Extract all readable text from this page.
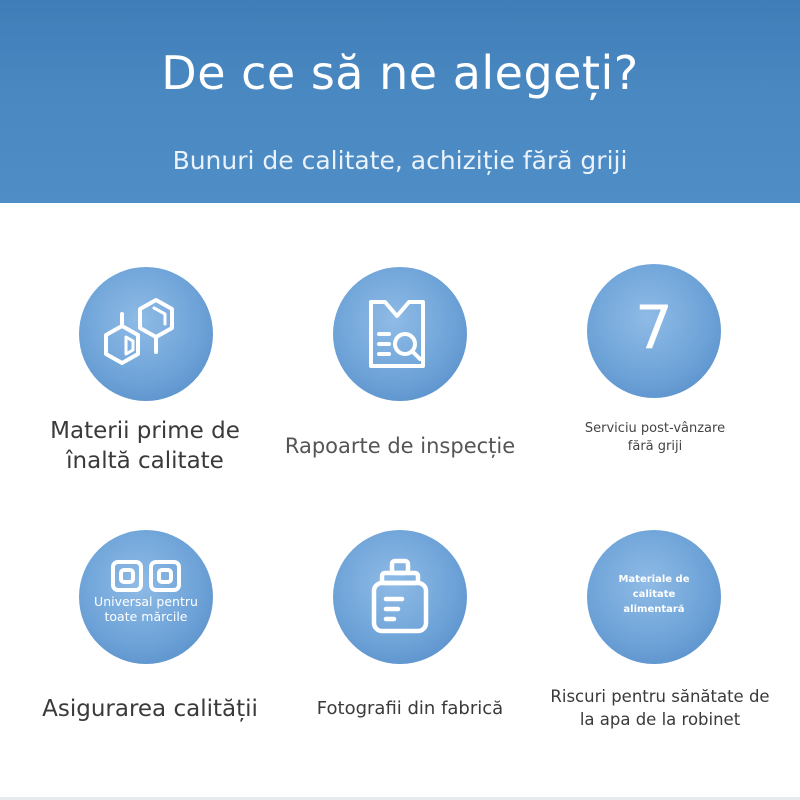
De ce să ne alegeți?
Bunuri de calitate, achiziție fără griji
Materii prime de înaltă calitate
Rapoarte de inspecție
7
Serviciu post-vânzare fără griji
Universal pentru toate mărcile
Asigurarea calității	Fotografii din fabrică
Materiale de calitate alimentară
Riscuri pentru sănătate de la apa de la robinet
